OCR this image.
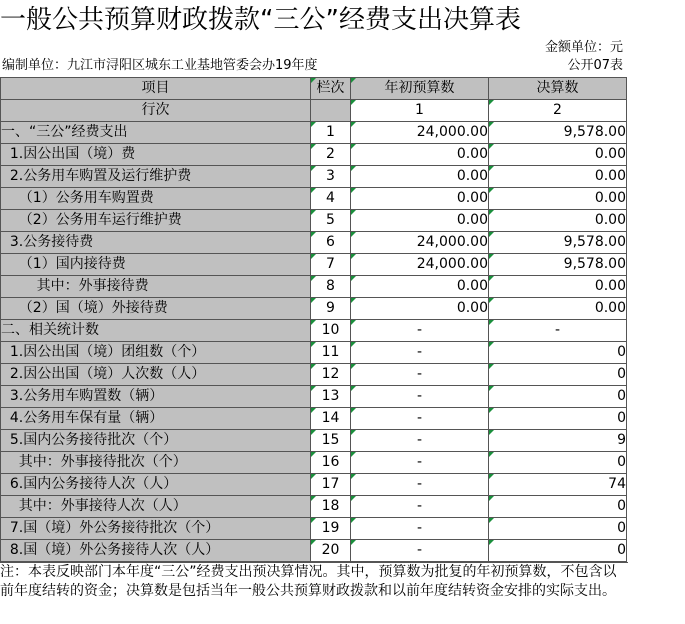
一般公共预算财政拨款“三公”经费支出决算表
金额单位：元
编制单位：九江市浔阳区城东工业基地管委会办19年度	公开07表
项目	栏次	年初预算数	决算数
行次		1	2
一、“三公”经费支出	1	24,000.00	9,578.00
1.因公出国（境）费	2	0.00	0.00
2.公务用车购置及运行维护费	3	0.00	0.00
（1）公务用车购置费	4	0.00	0.00
（2）公务用车运行维护费	5	0.00	0.00
3.公务接待费	6	24,000.00	9,578.00
（1）国内接待费	7	24,000.00	9,578.00
其中：外事接待费	8	0.00	0.00
（2）国（境）外接待费	9	0.00	0.00
二、相关统计数	10	-	-
1.因公出国（境）团组数（个）	11	-	0
2.因公出国（境）人次数（人）	12	-	0
3.公务用车购置数（辆）	13	-	0
4.公务用车保有量（辆）	14	-	0
5.国内公务接待批次（个）	15	-	9
其中：外事接待批次（个）	16	-	0
6.国内公务接待人次（人）	17	-	74
其中：外事接待人次（人）	18	-	0
7.国（境）外公务接待批次（个）	19	-	0
8.国（境）外公务接待人次（人）	20	-	0
注：本表反映部门本年度“三公”经费支出预决算情况。其中，预算数为批复的年初预算数，不包含以前年度结转的资金；决算数是包括当年一般公共预算财政拨款和以前年度结转资金安排的实际支出。
